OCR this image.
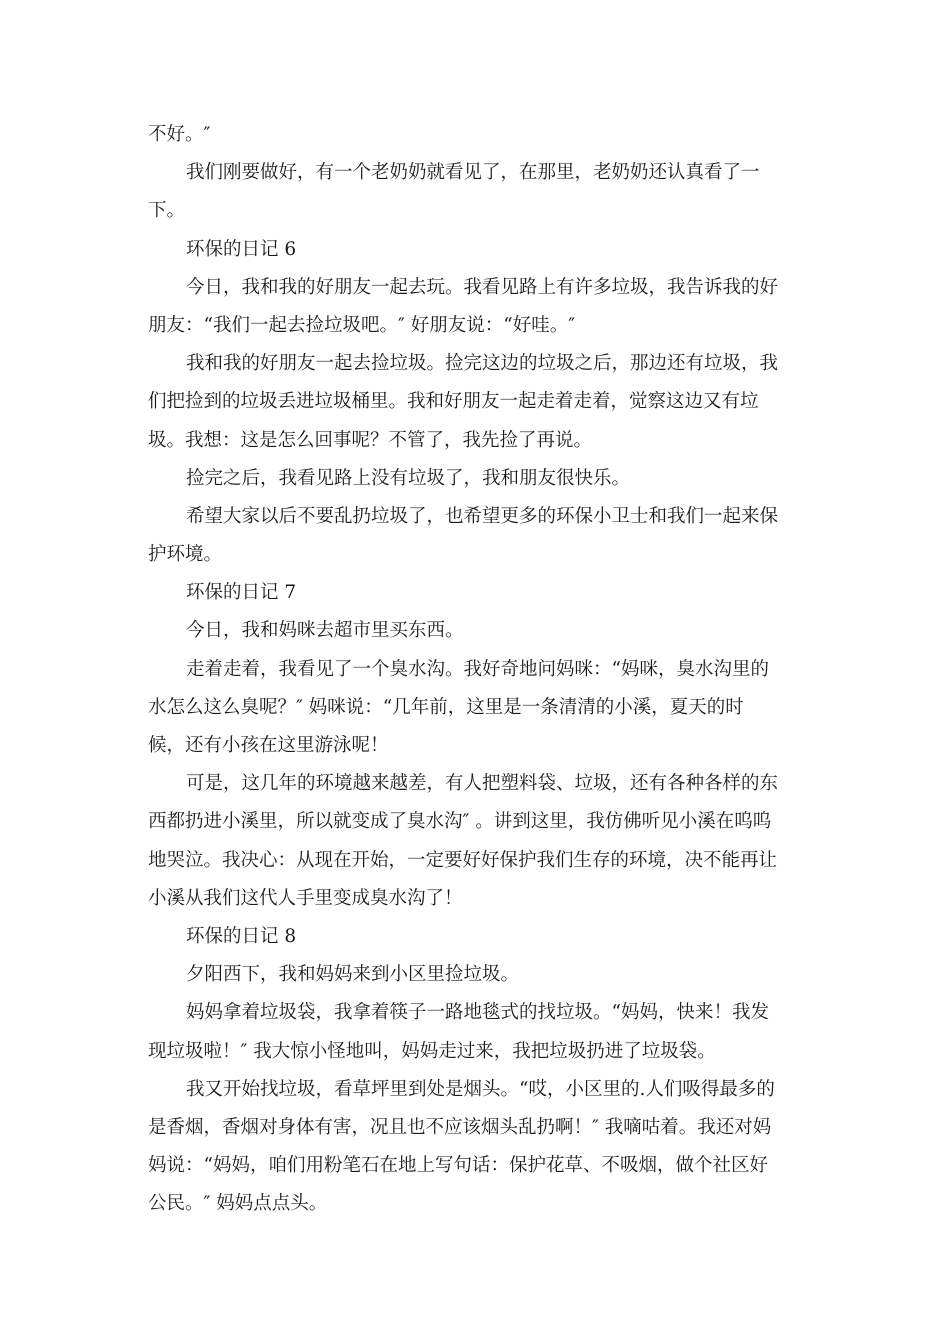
不好。″
我们刚要做好，有一个老奶奶就看见了，在那里，老奶奶还认真看了一
下。
环保的日记 6
今日，我和我的好朋友一起去玩。我看见路上有许多垃圾，我告诉我的好
朋友：“我们一起去捡垃圾吧。″ 好朋友说：“好哇。″
我和我的好朋友一起去捡垃圾。捡完这边的垃圾之后，那边还有垃圾，我
们把捡到的垃圾丢进垃圾桶里。我和好朋友一起走着走着，觉察这边又有垃
圾。我想：这是怎么回事呢？不管了，我先捡了再说。
捡完之后，我看见路上没有垃圾了，我和朋友很快乐。
希望大家以后不要乱扔垃圾了，也希望更多的环保小卫士和我们一起来保
护环境。
环保的日记 7
今日，我和妈咪去超市里买东西。
走着走着，我看见了一个臭水沟。我好奇地问妈咪：“妈咪，臭水沟里的
水怎么这么臭呢？″ 妈咪说：“几年前，这里是一条清清的小溪，夏天的时
候，还有小孩在这里游泳呢！
可是，这几年的环境越来越差，有人把塑料袋、垃圾，还有各种各样的东
西都扔进小溪里，所以就变成了臭水沟″ 。讲到这里，我仿佛听见小溪在呜呜
地哭泣。我决心：从现在开始，一定要好好保护我们生存的环境，决不能再让
小溪从我们这代人手里变成臭水沟了！
环保的日记 8
夕阳西下，我和妈妈来到小区里捡垃圾。
妈妈拿着垃圾袋，我拿着筷子一路地毯式的找垃圾。“妈妈，快来！我发
现垃圾啦！″ 我大惊小怪地叫，妈妈走过来，我把垃圾扔进了垃圾袋。
我又开始找垃圾，看草坪里到处是烟头。“哎，小区里的.人们吸得最多的
是香烟，香烟对身体有害，况且也不应该烟头乱扔啊！″ 我嘀咕着。我还对妈
妈说：“妈妈，咱们用粉笔石在地上写句话：保护花草、不吸烟，做个社区好
公民。″ 妈妈点点头。
